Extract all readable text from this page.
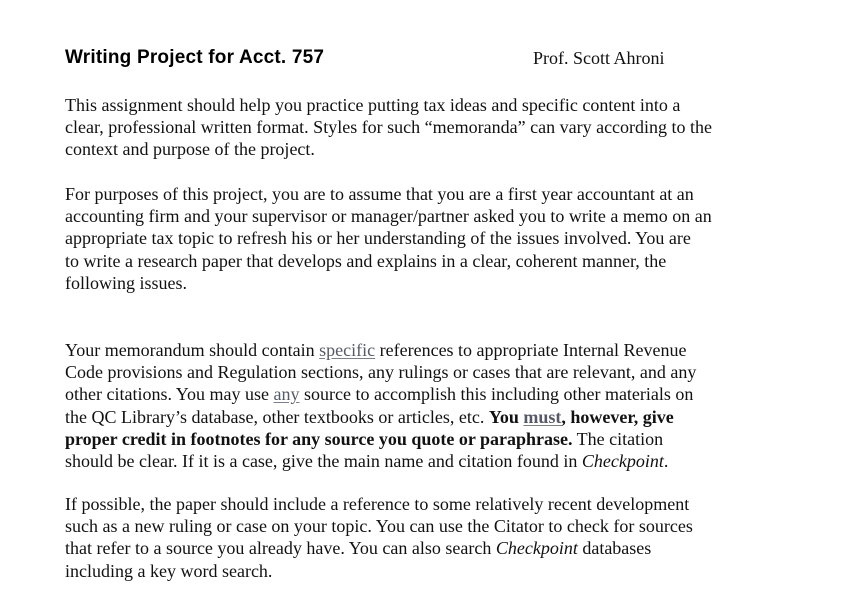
Writing Project for Acct. 757	Prof. Scott Ahroni
This assignment should help you practice putting tax ideas and specific content into a
clear, professional written format. Styles for such “memoranda” can vary according to the
context and purpose of the project.
For purposes of this project, you are to assume that you are a first year accountant at an
accounting firm and your supervisor or manager/partner asked you to write a memo on an
appropriate tax topic to refresh his or her understanding of the issues involved. You are
to write a research paper that develops and explains in a clear, coherent manner, the
following issues.
Your memorandum should contain specific references to appropriate Internal Revenue
Code provisions and Regulation sections, any rulings or cases that are relevant, and any
other citations. You may use any source to accomplish this including other materials on
the QC Library’s database, other textbooks or articles, etc. You must, however, give
proper credit in footnotes for any source you quote or paraphrase. The citation
should be clear. If it is a case, give the main name and citation found in Checkpoint.
If possible, the paper should include a reference to some relatively recent development
such as a new ruling or case on your topic. You can use the Citator to check for sources
that refer to a source you already have. You can also search Checkpoint databases
including a key word search.
